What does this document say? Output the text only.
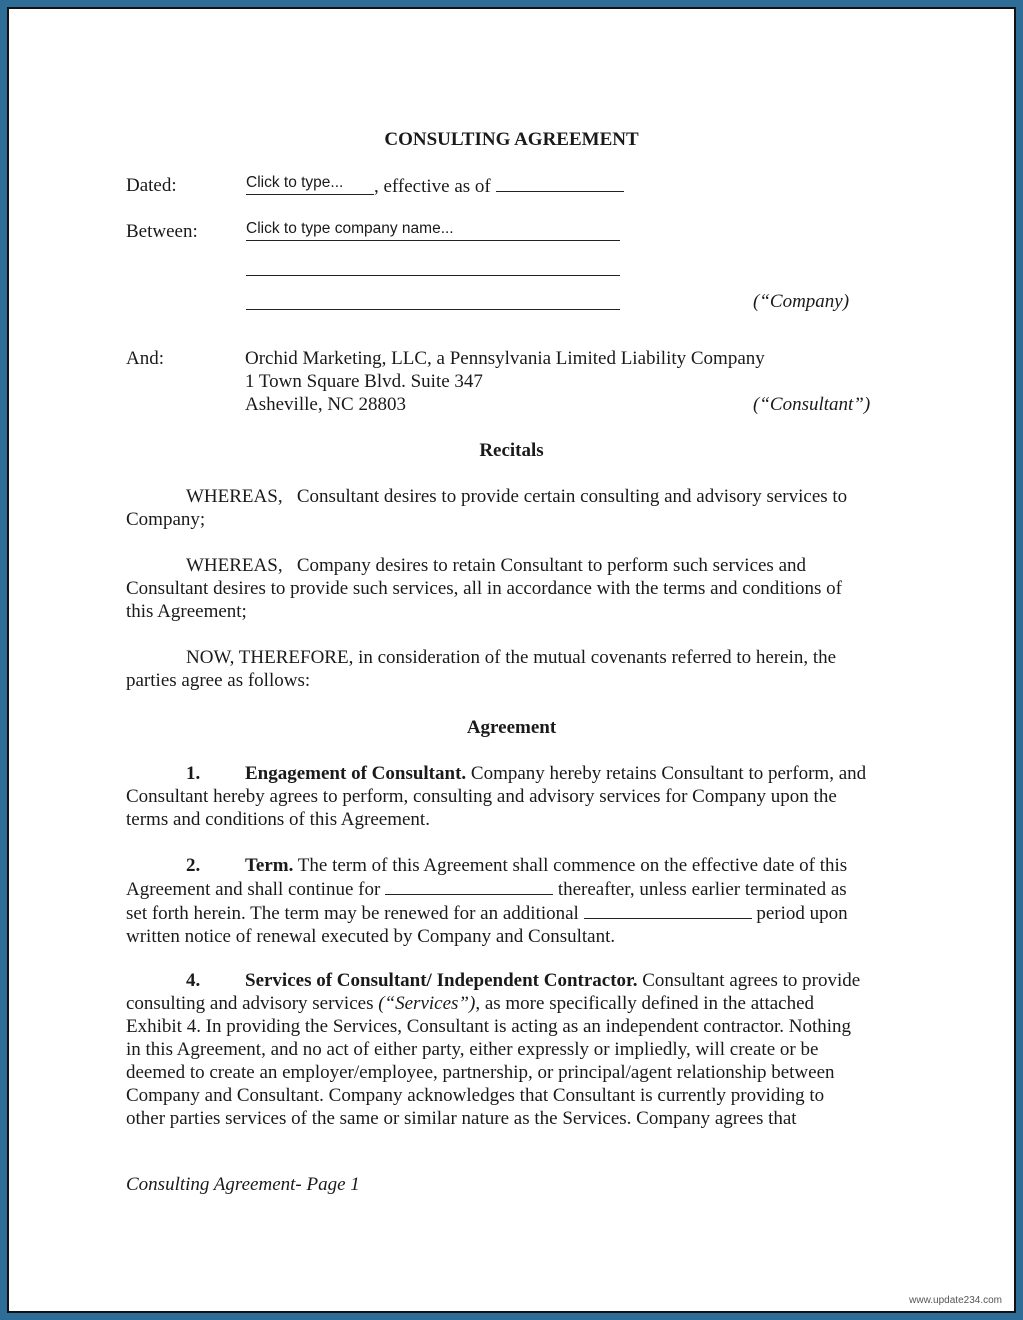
CONSULTING AGREEMENT
Dated:	Click to type...	, effective as of
Between:	Click to type company name...
(“Company)
And:	Orchid Marketing, LLC, a Pennsylvania Limited Liability Company
1 Town Square Blvd. Suite 347
Asheville, NC 28803	(“Consultant”)
Recitals
WHEREAS,   Consultant desires to provide certain consulting and advisory services to
Company;
WHEREAS,   Company desires to retain Consultant to perform such services and
Consultant desires to provide such services, all in accordance with the terms and conditions of
this Agreement;
NOW, THEREFORE, in consideration of the mutual covenants referred to herein, the
parties agree as follows:
Agreement
1. Engagement of Consultant. Company hereby retains Consultant to perform, and
Consultant hereby agrees to perform, consulting and advisory services for Company upon the
terms and conditions of this Agreement.
2. Term. The term of this Agreement shall commence on the effective date of this
Agreement and shall continue for	thereafter, unless earlier terminated as
set forth herein. The term may be renewed for an additional	period upon
written notice of renewal executed by Company and Consultant.
4. Services of Consultant/ Independent Contractor. Consultant agrees to provide
consulting and advisory services (“Services”), as more specifically defined in the attached
Exhibit 4. In providing the Services, Consultant is acting as an independent contractor. Nothing
in this Agreement, and no act of either party, either expressly or impliedly, will create or be
deemed to create an employer/employee, partnership, or principal/agent relationship between
Company and Consultant. Company acknowledges that Consultant is currently providing to
other parties services of the same or similar nature as the Services. Company agrees that
Consulting Agreement- Page 1
www.update234.com
